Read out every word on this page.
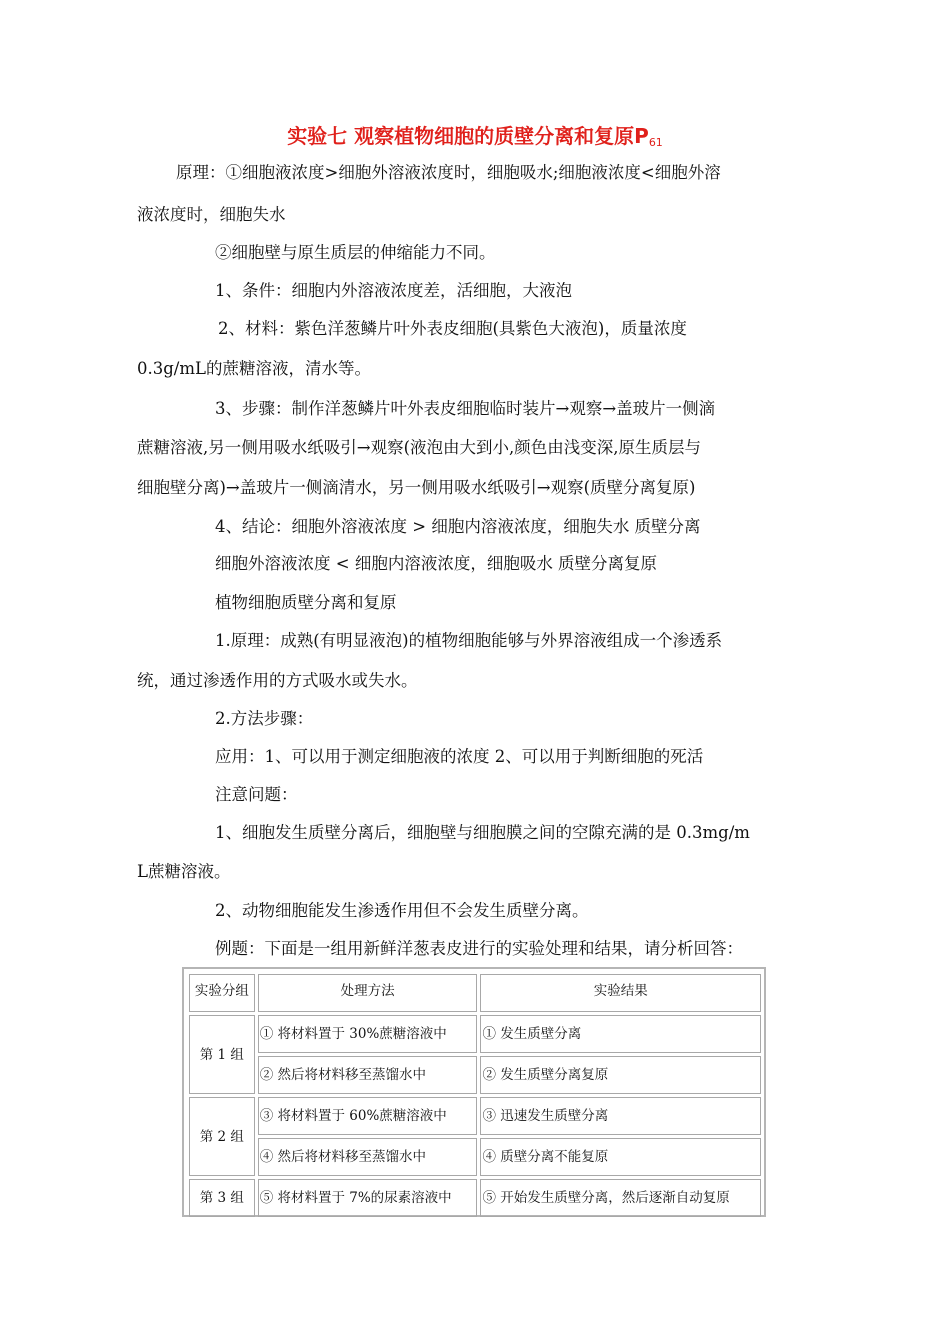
实验七 观察植物细胞的质壁分离和复原$P_{61}$
原理：①细胞液浓度>细胞外溶液浓度时，细胞吸水;细胞液浓度<细胞外溶
液浓度时，细胞失水
②细胞壁与原生质层的伸缩能力不同。
1、条件：细胞内外溶液浓度差，活细胞，大液泡
2、材料：紫色洋葱鳞片叶外表皮细胞(具紫色大液泡)，质量浓度
0.3g/mL的蔗糖溶液，清水等。
3、步骤：制作洋葱鳞片叶外表皮细胞临时装片→观察→盖玻片一侧滴
蔗糖溶液,另一侧用吸水纸吸引→观察(液泡由大到小,颜色由浅变深,原生质层与
细胞壁分离)→盖玻片一侧滴清水，另一侧用吸水纸吸引→观察(质壁分离复原)
4、结论：细胞外溶液浓度 > 细胞内溶液浓度，细胞失水 质壁分离
细胞外溶液浓度 < 细胞内溶液浓度，细胞吸水 质壁分离复原
植物细胞质壁分离和复原
1.原理：成熟(有明显液泡)的植物细胞能够与外界溶液组成一个渗透系
统，通过渗透作用的方式吸水或失水。
2.方法步骤：
应用：1、可以用于测定细胞液的浓度 2、可以用于判断细胞的死活
注意问题：
1、细胞发生质壁分离后，细胞壁与细胞膜之间的空隙充满的是 0.3mg/m
L蔗糖溶液。
2、动物细胞能发生渗透作用但不会发生质壁分离。
例题：下面是一组用新鲜洋葱表皮进行的实验处理和结果，请分析回答：
实验分组	处理方法	实验结果
第 1 组	① 将材料置于 30%蔗糖溶液中	① 发生质壁分离
	② 然后将材料移至蒸馏水中	② 发生质壁分离复原
第 2 组	③ 将材料置于 60%蔗糖溶液中	③ 迅速发生质壁分离
	④ 然后将材料移至蒸馏水中	④ 质壁分离不能复原
第 3 组	⑤ 将材料置于 7%的尿素溶液中	⑤ 开始发生质壁分离，然后逐渐自动复原
